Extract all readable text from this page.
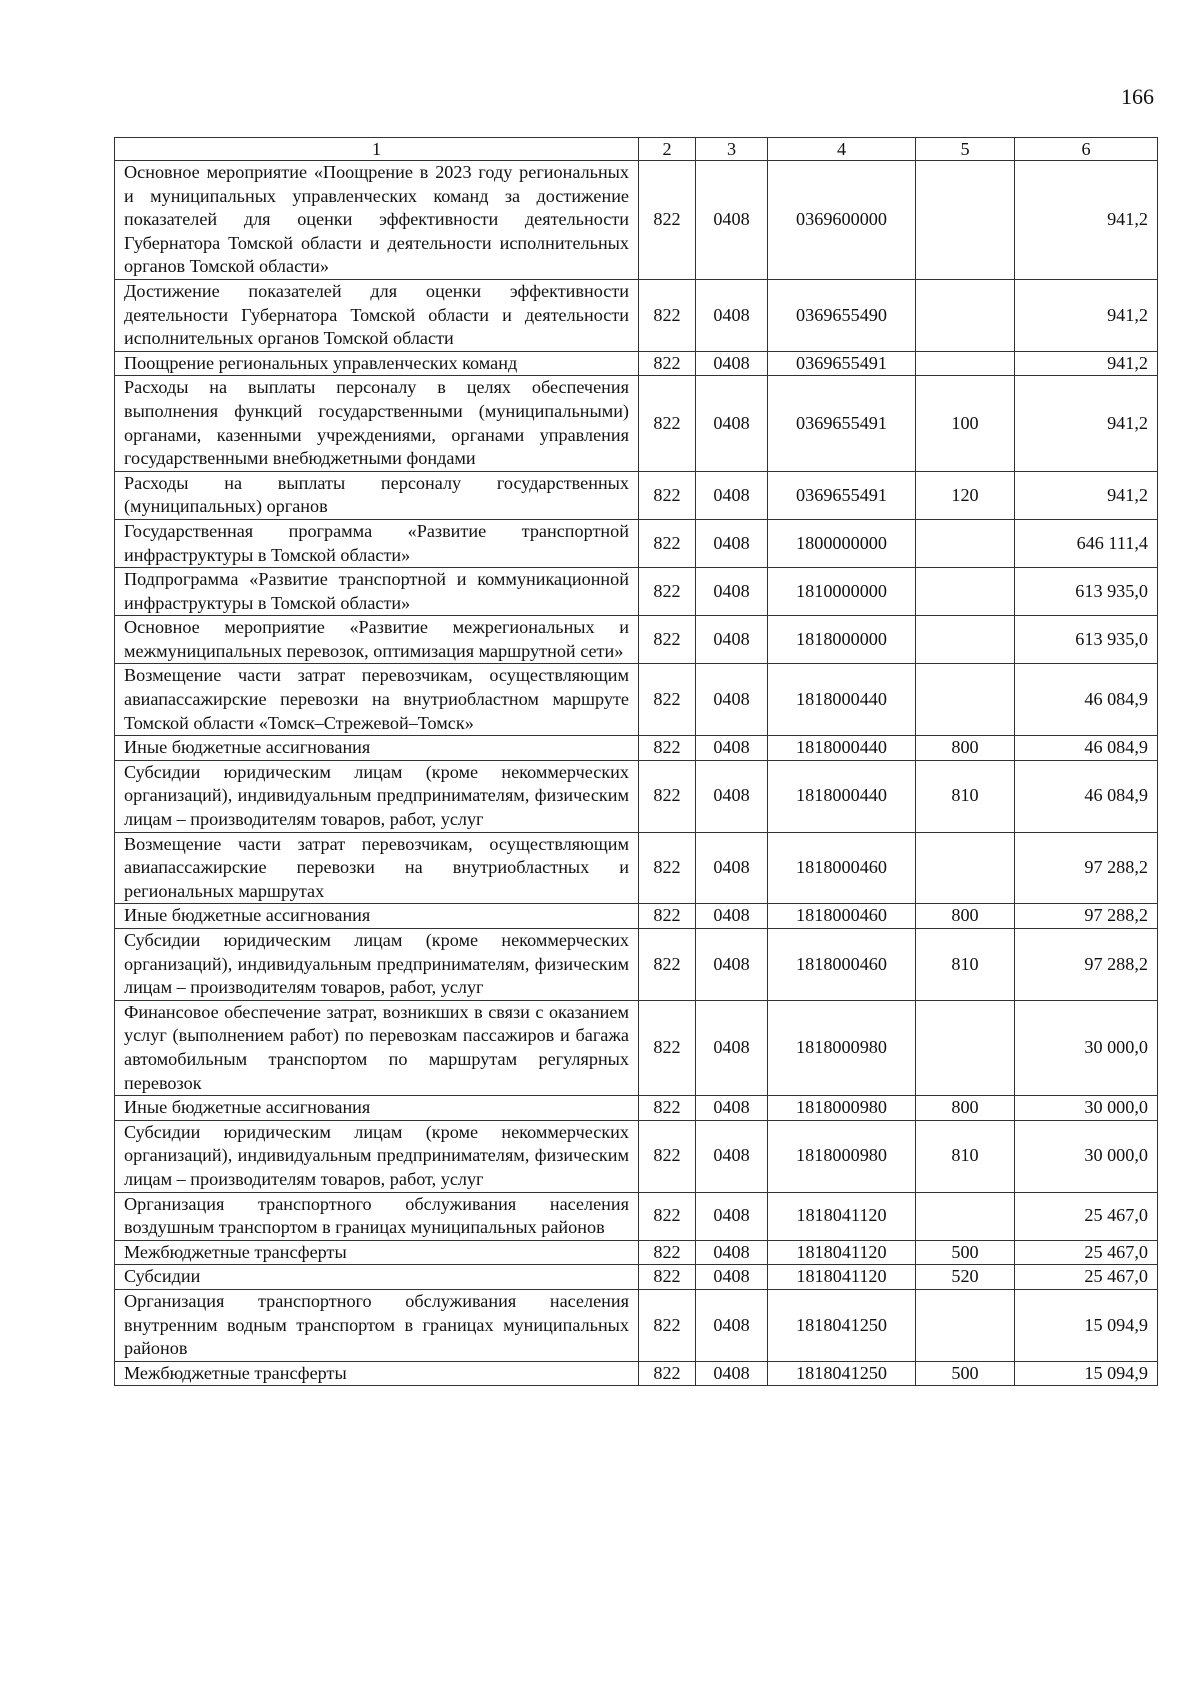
166
1	2	3	4	5	6
Основное мероприятие «Поощрение в 2023 году региональных и муниципальных управленческих команд за достижение показателей для оценки эффективности деятельности Губернатора Томской области и деятельности исполнительных органов Томской области»	822	0408	0369600000		941,2
Достижение показателей для оценки эффективности деятельности Губернатора Томской области и деятельности исполнительных органов Томской области	822	0408	0369655490		941,2
Поощрение региональных управленческих команд	822	0408	0369655491		941,2
Расходы на выплаты персоналу в целях обеспечения выполнения функций государственными (муниципальными) органами, казенными учреждениями, органами управления государственными внебюджетными фондами	822	0408	0369655491	100	941,2
Расходы на выплаты персоналу государственных (муниципальных) органов	822	0408	0369655491	120	941,2
Государственная программа «Развитие транспортной инфраструктуры в Томской области»	822	0408	1800000000		646 111,4
Подпрограмма «Развитие транспортной и коммуникационной инфраструктуры в Томской области»	822	0408	1810000000		613 935,0
Основное мероприятие «Развитие межрегиональных и межмуниципальных перевозок, оптимизация маршрутной сети»	822	0408	1818000000		613 935,0
Возмещение части затрат перевозчикам, осуществляющим авиапассажирские перевозки на внутриобластном маршруте Томской области «Томск–Стрежевой–Томск»	822	0408	1818000440		46 084,9
Иные бюджетные ассигнования	822	0408	1818000440	800	46 084,9
Субсидии юридическим лицам (кроме некоммерческих организаций), индивидуальным предпринимателям, физическим лицам – производителям товаров, работ, услуг	822	0408	1818000440	810	46 084,9
Возмещение части затрат перевозчикам, осуществляющим авиапассажирские перевозки на внутриобластных и региональных маршрутах	822	0408	1818000460		97 288,2
Иные бюджетные ассигнования	822	0408	1818000460	800	97 288,2
Субсидии юридическим лицам (кроме некоммерческих организаций), индивидуальным предпринимателям, физическим лицам – производителям товаров, работ, услуг	822	0408	1818000460	810	97 288,2
Финансовое обеспечение затрат, возникших в связи с оказанием услуг (выполнением работ) по перевозкам пассажиров и багажа автомобильным транспортом по маршрутам регулярных перевозок	822	0408	1818000980		30 000,0
Иные бюджетные ассигнования	822	0408	1818000980	800	30 000,0
Субсидии юридическим лицам (кроме некоммерческих организаций), индивидуальным предпринимателям, физическим лицам – производителям товаров, работ, услуг	822	0408	1818000980	810	30 000,0
Организация транспортного обслуживания населения воздушным транспортом в границах муниципальных районов	822	0408	1818041120		25 467,0
Межбюджетные трансферты	822	0408	1818041120	500	25 467,0
Субсидии	822	0408	1818041120	520	25 467,0
Организация транспортного обслуживания населения внутренним водным транспортом в границах муниципальных районов	822	0408	1818041250		15 094,9
Межбюджетные трансферты	822	0408	1818041250	500	15 094,9
